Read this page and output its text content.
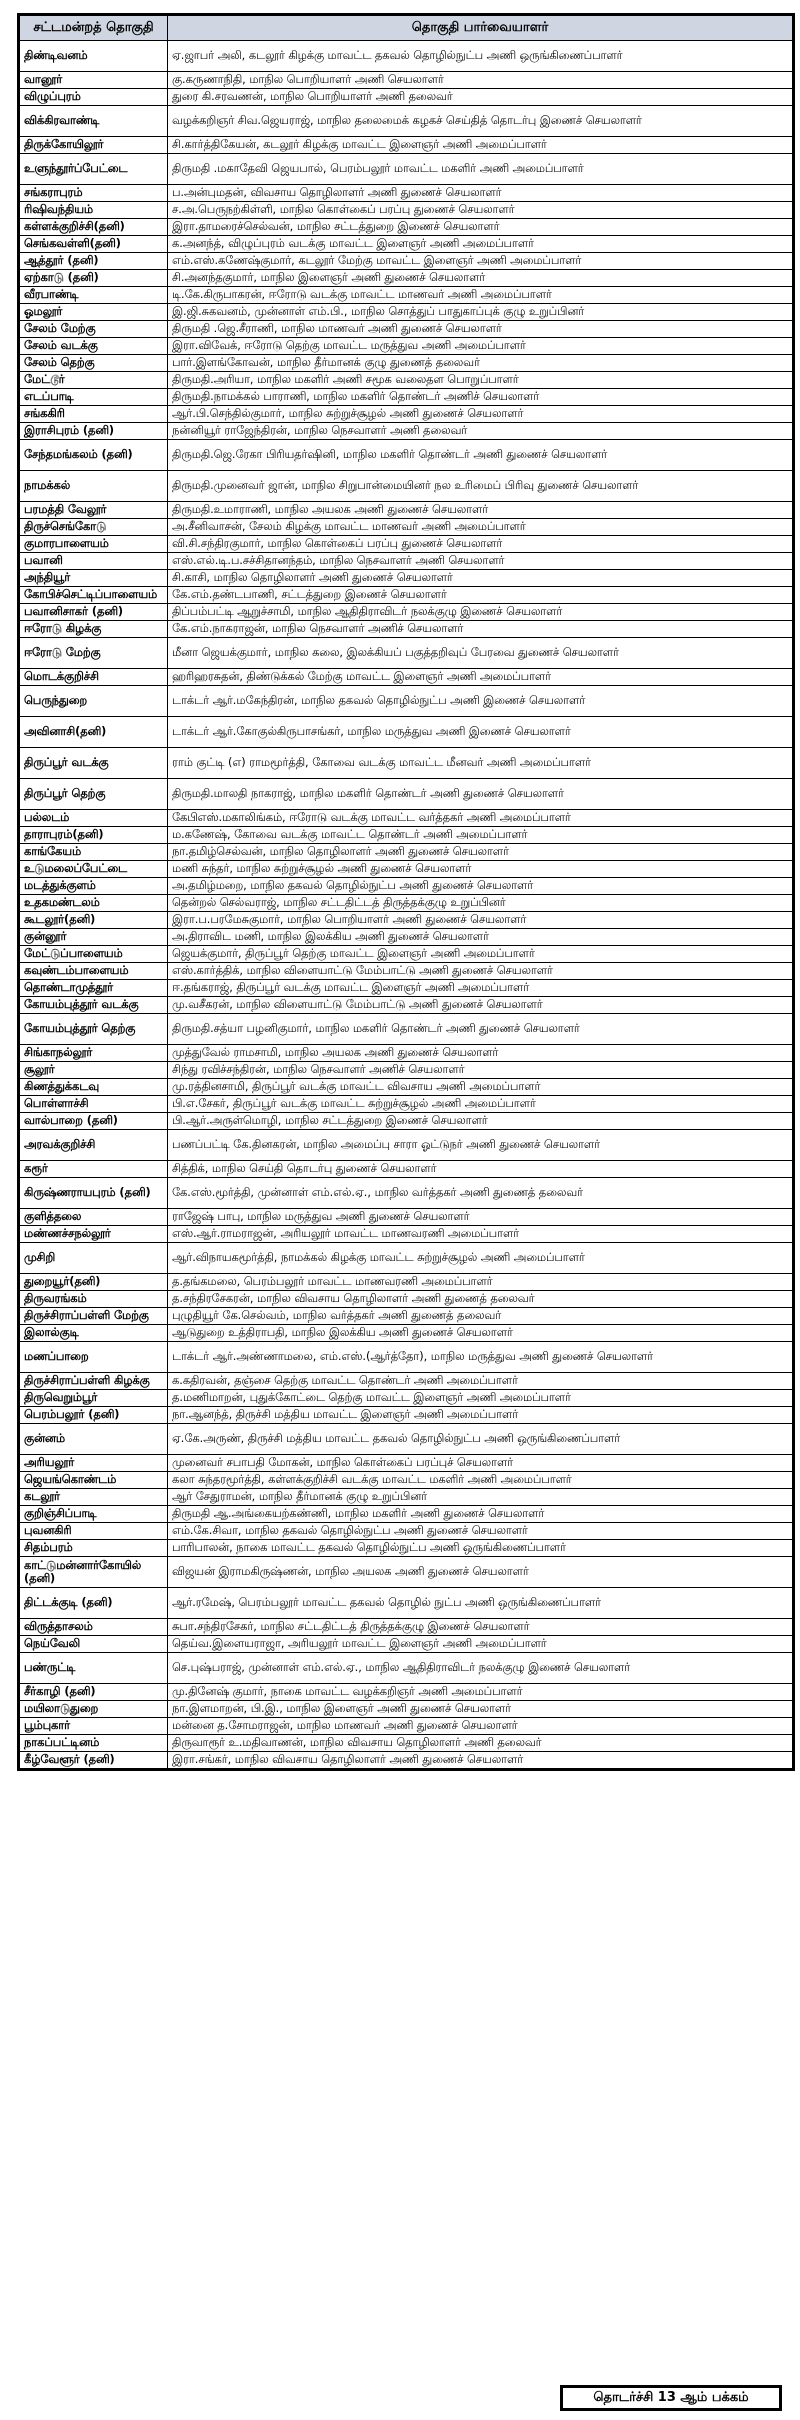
சட்டமன்றத் தொகுதி	தொகுதி பார்வையாளர்
திண்டிவனம்	ஏ.ஜாபர் அலி, கடலூர் கிழக்கு மாவட்ட தகவல் தொழில்நுட்ப அணி ஒருங்கிணைப்பாளர்
வானூர்	கு.கருணாநிதி, மாநில பொறியாளர் அணி செயலாளர்
விழுப்புரம்	துரை கி.சரவணன், மாநில பொறியாளர் அணி தலைவர்
விக்கிரவாண்டி	வழக்கறிஞர் சிவ.ஜெயராஜ், மாநில தலைமைக் கழகச் செய்தித் தொடர்பு இணைச் செயலாளர்
திருக்கோயிலூர்	சி.கார்த்திகேயன், கடலூர் கிழக்கு மாவட்ட இளைஞர் அணி அமைப்பாளர்
உளுந்தூர்ப்பேட்டை	திருமதி .மகாதேவி ஜெயபால், பெரம்பலூர் மாவட்ட மகளிர் அணி அமைப்பாளர்
சங்கராபுரம்	ப.அன்புமதன், விவசாய தொழிலாளர் அணி துணைச் செயலாளர்
ரிஷிவந்தியம்	ச.அ.பெருநற்கிள்ளி, மாநில கொள்கைப் பரப்பு துணைச் செயலாளர்
கள்ளக்குறிச்சி(தனி)	இரா.தாமரைச்செல்வன், மாநில சட்டத்துறை இணைச் செயலாளர்
செங்கவள்ளி(தனி)	க.அனந்த், விழுப்புரம் வடக்கு மாவட்ட இளைஞர் அணி அமைப்பாளர்
ஆத்தூர் (தனி)	எம்.எஸ்.கணேஷ்குமார், கடலூர் மேற்கு மாவட்ட இளைஞர் அணி அமைப்பாளர்
ஏற்காடு (தனி)	சி.அனந்தகுமார், மாநில இளைஞர் அணி துணைச் செயலாளர்
வீரபாண்டி	டி.கே.கிருபாகரன், ஈரோடு வடக்கு மாவட்ட மாணவர் அணி அமைப்பாளர்
ஓமலூர்	இ.ஜி.சுகவனம், முன்னாள் எம்.பி., மாநில சொத்துப் பாதுகாப்புக் குழு உறுப்பினர்
சேலம் மேற்கு	திருமதி .ஜெ.சீராணி, மாநில மாணவர் அணி துணைச் செயலாளர்
சேலம் வடக்கு	இரா.விவேக், ஈரோடு தெற்கு மாவட்ட மருத்துவ அணி அமைப்பாளர்
சேலம் தெற்கு	பார்.இளங்கோவன், மாநில தீர்மானக் குழு துணைத் தலைவர்
மேட்டூர்	திருமதி.அரியா, மாநில மகளிர் அணி சமூக வலைதள பொறுப்பாளர்
எடப்பாடி	திருமதி.நாமக்கல் பாராணி, மாநில மகளிர் தொண்டர் அணிச் செயலாளர்
சங்ககிரி	ஆர்.பி.செந்தில்குமார், மாநில சுற்றுச்சூழல் அணி துணைச் செயலாளர்
இராசிபுரம் (தனி)	நன்னியூர் ராஜேந்திரன், மாநில நெசவாளர் அணி தலைவர்
சேந்தமங்கலம் (தனி)	திருமதி.ஜெ.ரேகா பிரியதர்ஷினி, மாநில மகளிர் தொண்டர் அணி துணைச் செயலாளர்
நாமக்கல்	திருமதி.முனைவர் ஜான், மாநில சிறுபான்மையினர் நல உரிமைப் பிரிவு துணைச் செயலாளர்
பரமத்தி வேலூர்	திருமதி.உமாராணி, மாநில அயலக அணி துணைச் செயலாளர்
திருச்செங்கோடு	அ.சீனிவாசன், சேலம் கிழக்கு மாவட்ட மாணவர் அணி அமைப்பாளர்
குமாரபாளையம்	வி.சி.சந்திரகுமார், மாநில கொள்கைப் பரப்பு துணைச் செயலாளர்
பவானி	எஸ்.எல்.டி.ப.சச்சிதானந்தம், மாநில நெசவாளர் அணி செயலாளர்
அந்தியூர்	சி.காசி, மாநில தொழிலாளர் அணி துணைச் செயலாளர்
கோபிச்செட்டிப்பாளையம்	கே.எம்.தண்டபாணி, சட்டத்துறை இணைச் செயலாளர்
பவானிசாகர் (தனி)	திப்பம்பட்டி ஆறுச்சாமி, மாநில ஆதிதிராவிடர் நலக்குழு இணைச் செயலாளர்
ஈரோடு கிழக்கு	கே.எம்.நாகராஜன், மாநில நெசவாளர் அணிச் செயலாளர்
ஈரோடு மேற்கு	மீனா ஜெயக்குமார், மாநில கலை, இலக்கியப் பகுத்தறிவுப் பேரவை துணைச் செயலாளர்
மொடக்குறிச்சி	ஹரிஹரசுதன், திண்டுக்கல் மேற்கு மாவட்ட இளைஞர் அணி அமைப்பாளர்
பெருந்துறை	டாக்டர் ஆர்.மகேந்திரன், மாநில தகவல் தொழில்நுட்ப அணி இணைச் செயலாளர்
அவினாசி(தனி)	டாக்டர் ஆர்.கோகுல்கிருபாசங்கர், மாநில மருத்துவ அணி இணைச் செயலாளர்
திருப்பூர் வடக்கு	ராம் குட்டி (எ) ராமமூர்த்தி, கோவை வடக்கு மாவட்ட மீனவர் அணி அமைப்பாளர்
திருப்பூர் தெற்கு	திருமதி.மாலதி நாகராஜ், மாநில மகளிர் தொண்டர் அணி துணைச் செயலாளர்
பல்லடம்	கேபிஎஸ்.மகாலிங்கம், ஈரோடு வடக்கு மாவட்ட வர்த்தகர் அணி அமைப்பாளர்
தாராபுரம்(தனி)	ம.கணேஷ், கோவை வடக்கு மாவட்ட தொண்டர் அணி அமைப்பாளர்
காங்கேயம்	நா.தமிழ்செல்வன், மாநில தொழிலாளர் அணி துணைச் செயலாளர்
உடுமலைப்பேட்டை	மணி சுந்தர், மாநில சுற்றுச்சூழல் அணி துணைச் செயலாளர்
மடத்துக்குளம்	அ.தமிழ்மறை, மாநில தகவல் தொழில்நுட்ப அணி துணைச் செயலாளர்
உதகமண்டலம்	தென்றல் செல்வராஜ், மாநில சட்டதிட்டத் திருத்தக்குழு உறுப்பினர்
கூடலூர்(தனி)	இரா.ப.பரமேசுகுமார், மாநில பொறியாளர் அணி துணைச் செயலாளர்
குன்னூர்	அ.திராவிட மணி, மாநில இலக்கிய அணி துணைச் செயலாளர்
மேட்டுப்பாளையம்	ஜெயக்குமார், திருப்பூர் தெற்கு மாவட்ட இளைஞர் அணி அமைப்பாளர்
கவுண்டம்பாளையம்	எஸ்.கார்த்திக், மாநில விளையாட்டு மேம்பாட்டு அணி துணைச் செயலாளர்
தொண்டாமுத்தூர்	ஈ.தங்கராஜ், திருப்பூர் வடக்கு மாவட்ட இளைஞர் அணி அமைப்பாளர்
கோயம்புத்தூர் வடக்கு	மு.வசீகரன், மாநில விளையாட்டு மேம்பாட்டு அணி துணைச் செயலாளர்
கோயம்புத்தூர் தெற்கு	திருமதி.சத்யா பழனிகுமார், மாநில மகளிர் தொண்டர் அணி துணைச் செயலாளர்
சிங்காநல்லூர்	முத்துவேல் ராமசாமி, மாநில அயலக அணி துணைச் செயலாளர்
சூலூர்	சிந்து ரவிச்சந்திரன், மாநில நெசவாளர் அணிச் செயலாளர்
கிணத்துக்கடவு	மு.ரத்தினசாமி, திருப்பூர் வடக்கு மாவட்ட விவசாய அணி அமைப்பாளர்
பொள்ளாச்சி	பி.எ.சேகர், திருப்பூர் வடக்கு மாவட்ட சுற்றுச்சூழல் அணி அமைப்பாளர்
வால்பாறை (தனி)	பி.ஆர்.அருள்மொழி, மாநில சட்டத்துறை இணைச் செயலாளர்
அரவக்குறிச்சி	பணப்பட்டி கே.தினகரன், மாநில அமைப்பு சாரா ஓட்டுநர் அணி துணைச் செயலாளர்
கரூர்	சித்திக், மாநில செய்தி தொடர்பு துணைச் செயலாளர்
கிருஷ்ணராயபுரம் (தனி)	கே.எஸ்.மூர்த்தி, முன்னாள் எம்.எல்.ஏ., மாநில வர்த்தகர் அணி துணைத் தலைவர்
குளித்தலை	ராஜேஷ் பாபு, மாநில மருத்துவ அணி துணைச் செயலாளர்
மண்ணச்சநல்லூர்	எஸ்.ஆர்.ராமராஜன், அரியலூர் மாவட்ட மாணவரணி அமைப்பாளர்
முசிறி	ஆர்.விநாயகமூர்த்தி, நாமக்கல் கிழக்கு மாவட்ட சுற்றுச்சூழல் அணி அமைப்பாளர்
துறையூர்(தனி)	த.தங்கமலை, பெரம்பலூர் மாவட்ட மாணவரணி அமைப்பாளர்
திருவரங்கம்	த.சந்திரசேகரன், மாநில விவசாய தொழிலாளர் அணி துணைத் தலைவர்
திருச்சிராப்பள்ளி மேற்கு	புழுதியூர் கே.செல்வம், மாநில வர்த்தகர் அணி துணைத் தலைவர்
இலால்குடி	ஆடுதுறை உத்திராபதி, மாநில இலக்கிய அணி துணைச் செயலாளர்
மணப்பாறை	டாக்டர் ஆர்.அண்ணாமலை, எம்.எஸ்.(ஆர்த்தோ), மாநில மருத்துவ அணி துணைச் செயலாளர்
திருச்சிராப்பள்ளி கிழக்கு	க.கதிரவன், தஞ்சை தெற்கு மாவட்ட தொண்டர் அணி அமைப்பாளர்
திருவெறும்பூர்	த.மணிமாறன், புதுக்கோட்டை தெற்கு மாவட்ட இளைஞர் அணி அமைப்பாளர்
பெரம்பலூர் (தனி)	நா.ஆனந்த், திருச்சி மத்திய மாவட்ட இளைஞர் அணி அமைப்பாளர்
குன்னம்	ஏ.கே.அருண், திருச்சி மத்திய மாவட்ட தகவல் தொழில்நுட்ப அணி ஒருங்கிணைப்பாளர்
அரியலூர்	முனைவர் சபாபதி மோகன், மாநில கொள்கைப் பரப்புச் செயலாளர்
ஜெயங்கொண்டம்	கலா சுந்தரமூர்த்தி, கள்ளக்குறிச்சி வடக்கு மாவட்ட மகளிர் அணி அமைப்பாளர்
கடலூர்	ஆர் சேதுராமன், மாநில தீர்மானக் குழு உறுப்பினர்
குறிஞ்சிப்பாடி	திருமதி ஆ.அங்கையற்கண்ணி, மாநில மகளிர் அணி துணைச் செயலாளர்
புவனகிரி	எம்.கே.சிவா, மாநில தகவல் தொழில்நுட்ப அணி துணைச் செயலாளர்
சிதம்பரம்	பாரிபாலன், நாகை மாவட்ட தகவல் தொழில்நுட்ப அணி ஒருங்கிணைப்பாளர்
காட்டுமன்னார்கோயில் (தனி)	விஜயன் இராமகிருஷ்ணன், மாநில அயலக அணி துணைச் செயலாளர்
திட்டக்குடி (தனி)	ஆர்.ரமேஷ், பெரம்பலூர் மாவட்ட தகவல் தொழில் நுட்ப அணி ஒருங்கிணைப்பாளர்
விருத்தாசலம்	சுபா.சந்திரசேகர், மாநில சட்டதிட்டத் திருத்தக்குழு இணைச் செயலாளர்
நெய்வேலி	தெய்வ.இளையராஜா, அரியலூர் மாவட்ட இளைஞர் அணி அமைப்பாளர்
பண்ருட்டி	செ.புஷ்பராஜ், முன்னாள் எம்.எல்.ஏ., மாநில ஆதிதிராவிடர் நலக்குழு இணைச் செயலாளர்
சீர்காழி (தனி)	மு.தினேஷ் குமார், நாகை மாவட்ட வழக்கறிஞர் அணி அமைப்பாளர்
மயிலாடுதுறை	நா.இளமாறன், பி.இ., மாநில இளைஞர் அணி துணைச் செயலாளர்
பூம்புகார்	மன்னை த.சோமராஜன், மாநில மாணவர் அணி துணைச் செயலாளர்
நாகப்பட்டினம்	திருவாரூர் உ.மதிவாணன், மாநில விவசாய தொழிலாளர் அணி தலைவர்
கீழ்வேளூர் (தனி)	இரா.சங்கர், மாநில விவசாய தொழிலாளர் அணி துணைச் செயலாளர்
தொடர்ச்சி 13 ஆம் பக்கம்
